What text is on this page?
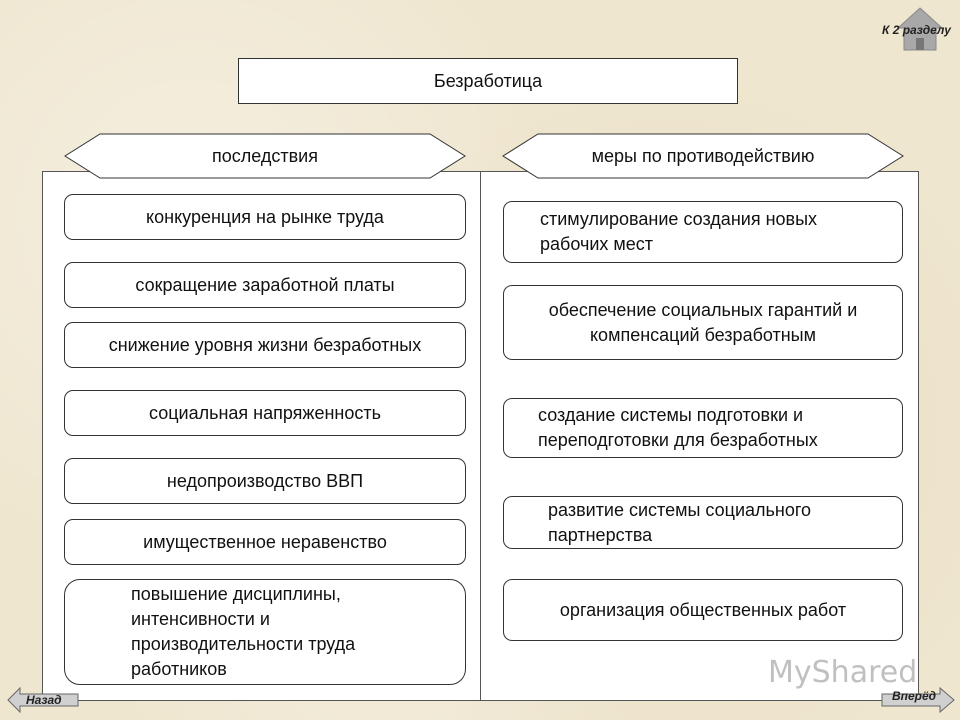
К 2 разделу
Безработица
последствия	меры по противодействию
конкуренция на рынке труда
сокращение заработной платы
снижение уровня жизни безработных
социальная напряженность
недопроизводство ВВП
имущественное неравенство
повышение дисциплины, интенсивности и производительности труда работников
стимулирование создания новых рабочих мест
обеспечение социальных гарантий и компенсаций безработным
создание системы подготовки и переподготовки для безработных
развитие системы социального партнерства
организация общественных работ
MyShared
Назад	Вперёд
